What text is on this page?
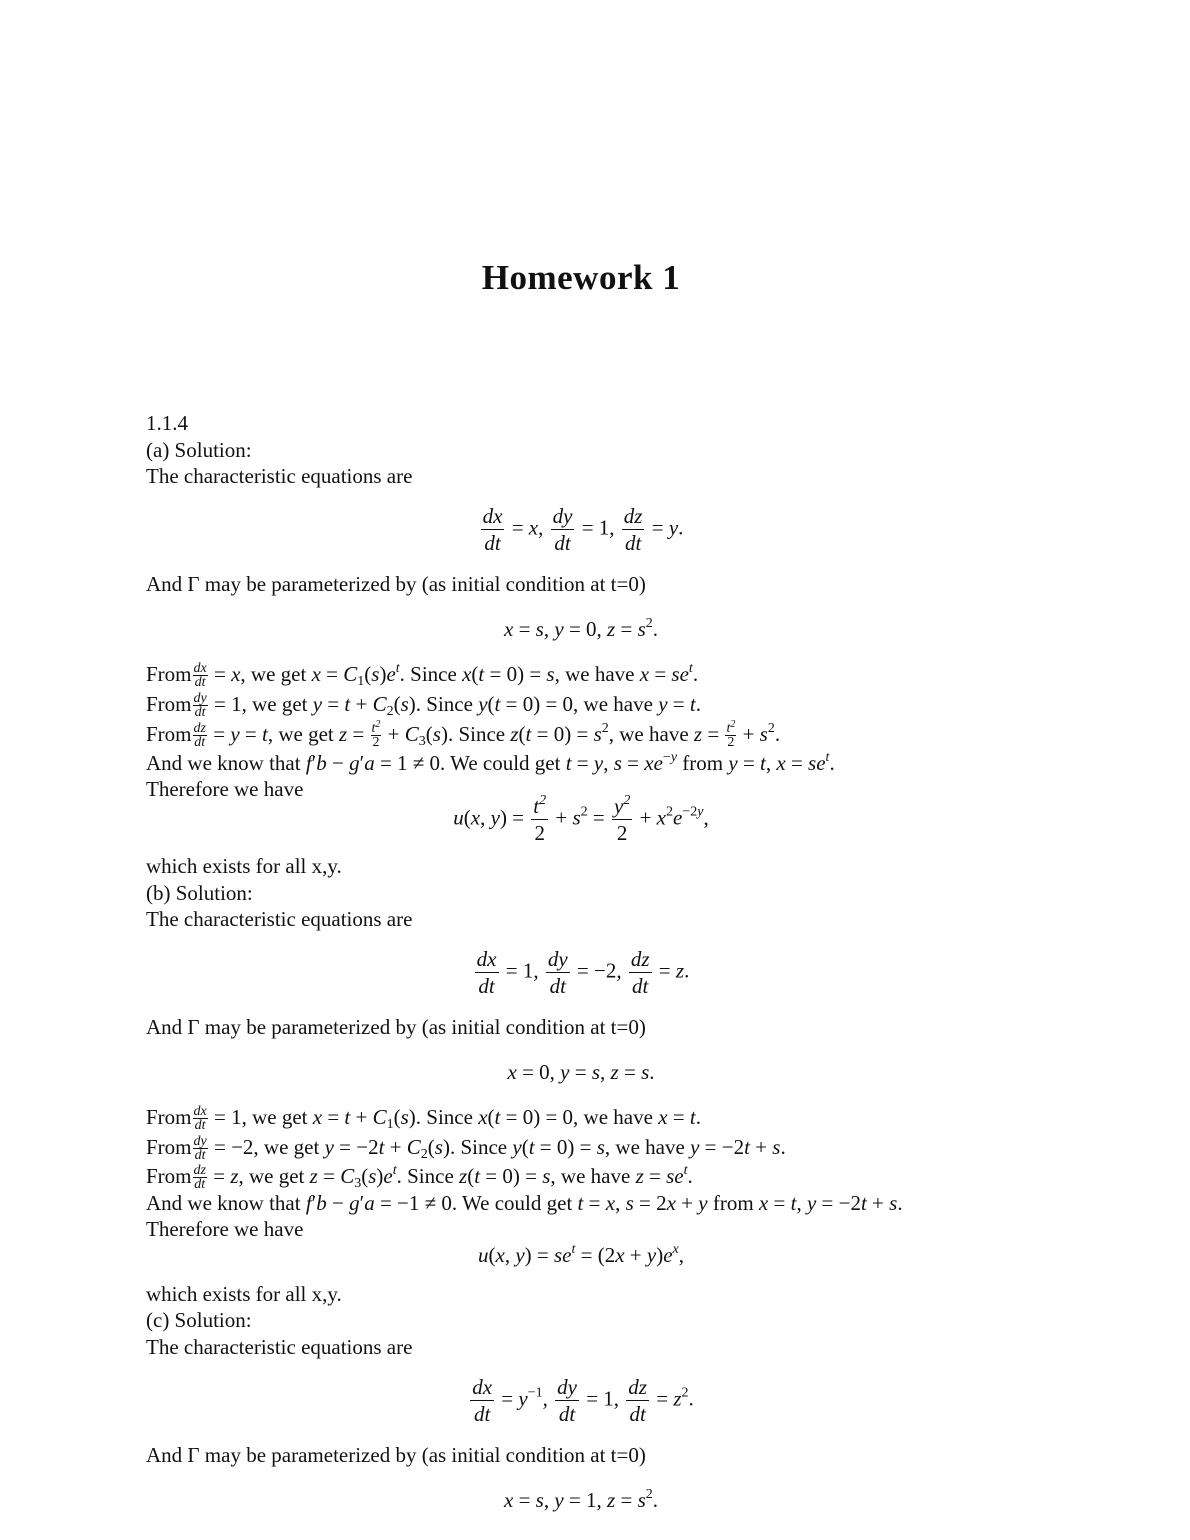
Homework 1
1.1.4
(a) Solution:
The characteristic equations are
$\frac{dx}{dt} = x$, $\frac{dy}{dt} = 1$, $\frac{dz}{dt} = y$.
And Γ may be parameterized by (as initial condition at t=0)
x = s, y = 0, $z = s^2$.
From $\frac{dx}{dt} = x$, we get $x = C_1(s)e^t$. Since x(t = 0) = s, we have $x = se^t$.
From $\frac{dy}{dt} = 1$, we get $y = t + C_2(s)$. Since y(t = 0) = 0, we have y = t.
From $\frac{dz}{dt} = y = t$, we get $z = \frac{t^2}{2} + C_3(s)$. Since $z(t = 0) = s^2$, we have $z = \frac{t^2}{2} + s^2$.
And we know that f′b − g′a = 1 ≠ 0. We could get t = y, $s = xe^{-y}$ from y = t, $x = se^t$.
Therefore we have
u(x, $y) = \frac{t^2}{2} + s^2 = \frac{y^2}{2} + x^2e^{-2y}$,
which exists for all x,y.
(b) Solution:
The characteristic equations are
$\frac{dx}{dt} = 1$, $\frac{dy}{dt} = -2$, $\frac{dz}{dt} = z$.
And Γ may be parameterized by (as initial condition at t=0)
x = 0, y = s, z = s.
From $\frac{dx}{dt} = 1$, we get $x = t + C_1(s)$. Since x(t = 0) = 0, we have x = t.
From $\frac{dy}{dt} = -2$, we get $y = -2t + C_2(s)$. Since y(t = 0) = s, we have y = −2t + s.
From $\frac{dz}{dt} = z$, we get $z = C_3(s)e^t$. Since z(t = 0) = s, we have $z = se^t$.
And we know that f′b − g′a = −1 ≠ 0. We could get t = x, s = 2x + y from x = t, y = −2t + s.
Therefore we have
u(x, $y) = se^t = (2x + y)e^x$,
which exists for all x,y.
(c) Solution:
The characteristic equations are
$\frac{dx}{dt} = y^{-1}$, $\frac{dy}{dt} = 1$, $\frac{dz}{dt} = z^2$.
And Γ may be parameterized by (as initial condition at t=0)
x = s, y = 1, $z = s^2$.
